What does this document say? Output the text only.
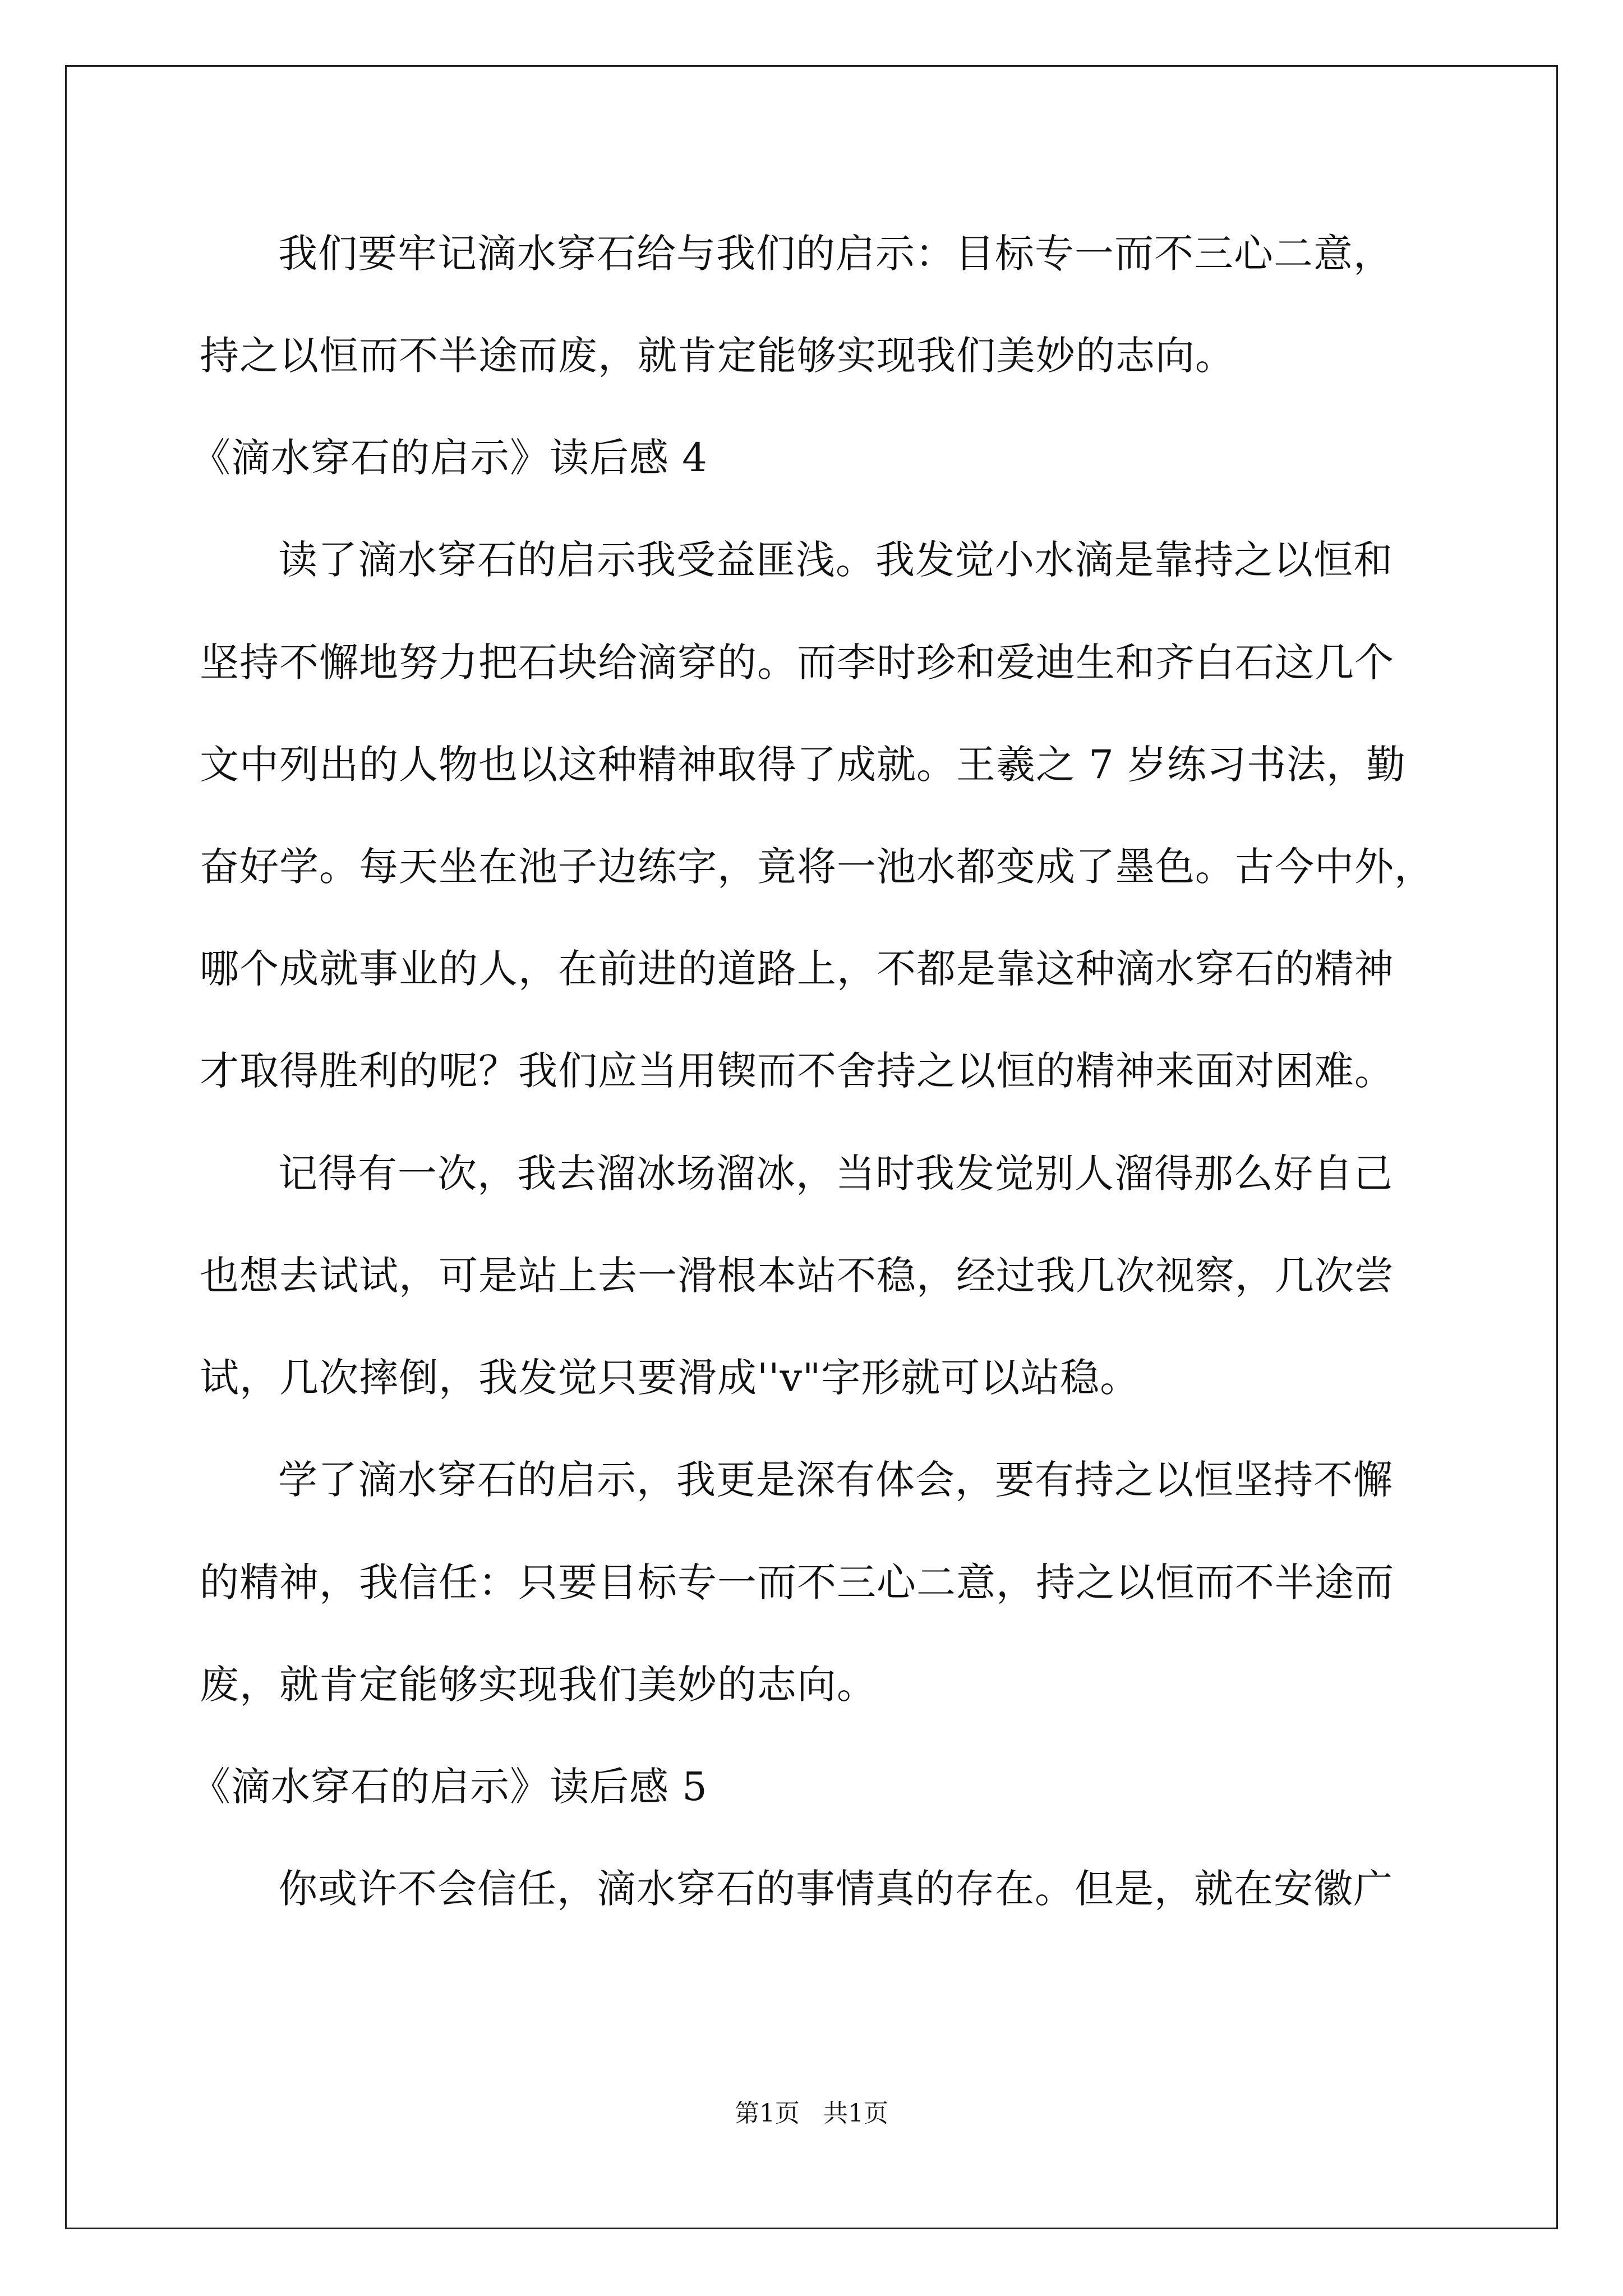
我们要牢记滴水穿石给与我们的启示：目标专一而不三心二意，
持之以恒而不半途而废，就肯定能够实现我们美妙的志向。
《滴水穿石的启示》读后感 4
读了滴水穿石的启示我受益匪浅。我发觉小水滴是靠持之以恒和
坚持不懈地努力把石块给滴穿的。而李时珍和爱迪生和齐白石这几个
文中列出的人物也以这种精神取得了成就。王羲之 7 岁练习书法，勤
奋好学。每天坐在池子边练字，竟将一池水都变成了墨色。古今中外，
哪个成就事业的人，在前进的道路上，不都是靠这种滴水穿石的精神
才取得胜利的呢？我们应当用锲而不舍持之以恒的精神来面对困难。
记得有一次，我去溜冰场溜冰，当时我发觉别人溜得那么好自己
也想去试试，可是站上去一滑根本站不稳，经过我几次视察，几次尝
试，几次摔倒，我发觉只要滑成''v"字形就可以站稳。
学了滴水穿石的启示，我更是深有体会，要有持之以恒坚持不懈
的精神，我信任：只要目标专一而不三心二意，持之以恒而不半途而
废，就肯定能够实现我们美妙的志向。
《滴水穿石的启示》读后感 5
你或许不会信任，滴水穿石的事情真的存在。但是，就在安徽广
第1页   共1页
